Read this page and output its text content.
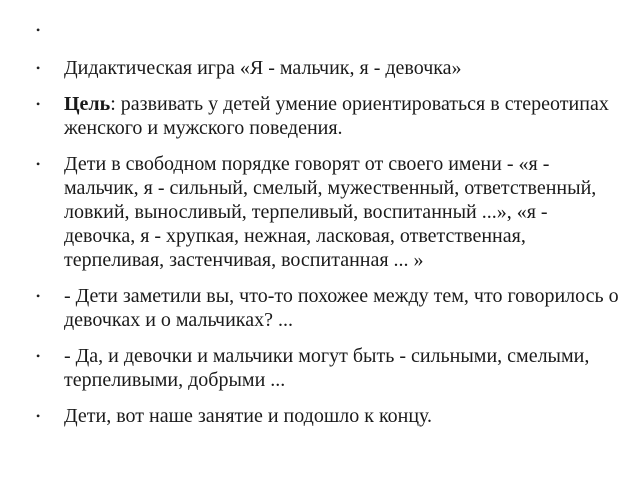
•
• Дидактическая игра «Я - мальчик, я - девочка»
• Цель: развивать у детей умение ориентироваться в стереотипах женского и мужского поведения.
• Дети в свободном порядке говорят от своего имени - «я - мальчик, я - сильный, смелый, мужественный, ответственный, ловкий, выносливый, терпеливый, воспитанный ...», «я - девочка, я - хрупкая, нежная, ласковая, ответственная, терпеливая, застенчивая, воспитанная ... »
• - Дети заметили вы, что-то похожее между тем, что говорилось о девочках и о мальчиках? ...
• - Да, и девочки и мальчики могут быть - сильными, смелыми, терпеливыми, добрыми ...
• Дети, вот наше занятие и подошло к концу.
